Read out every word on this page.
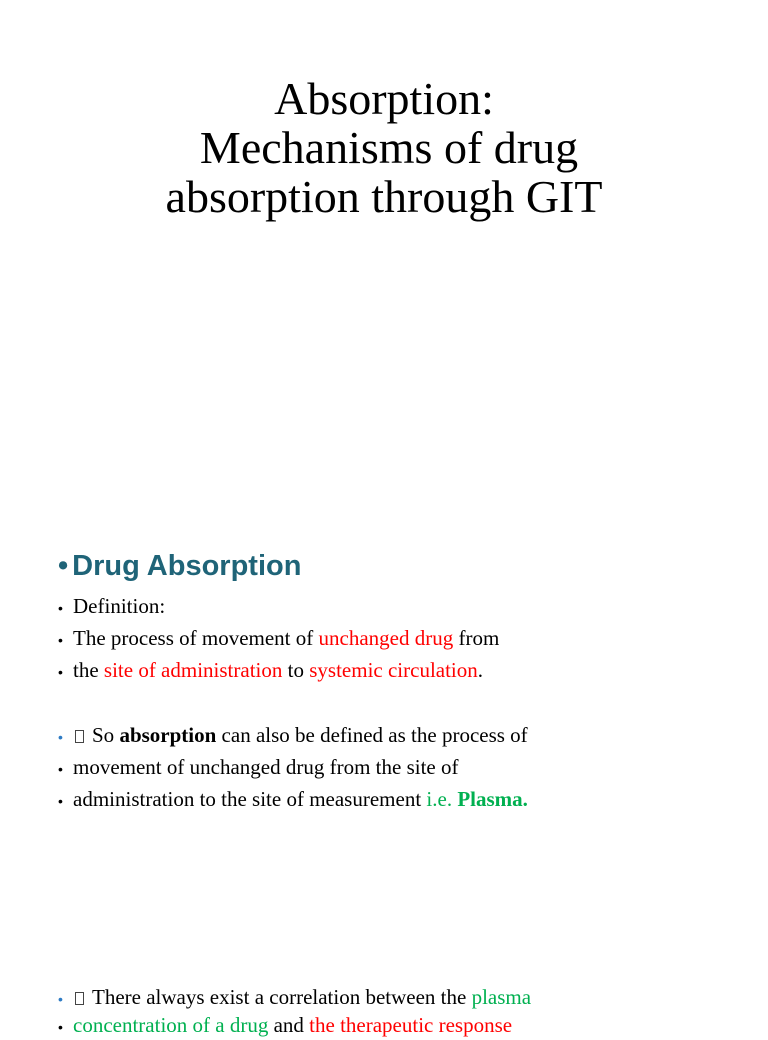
Absorption:
Mechanisms of drug
absorption through GIT
• Drug Absorption
• Definition:
• The process of movement of unchanged drug from
• the site of administration to systemic circulation.
• So absorption can also be defined as the process of
• movement of unchanged drug from the site of
• administration to the site of measurement i.e. Plasma.
• There always exist a correlation between the plasma
• concentration of a drug and the therapeutic response
